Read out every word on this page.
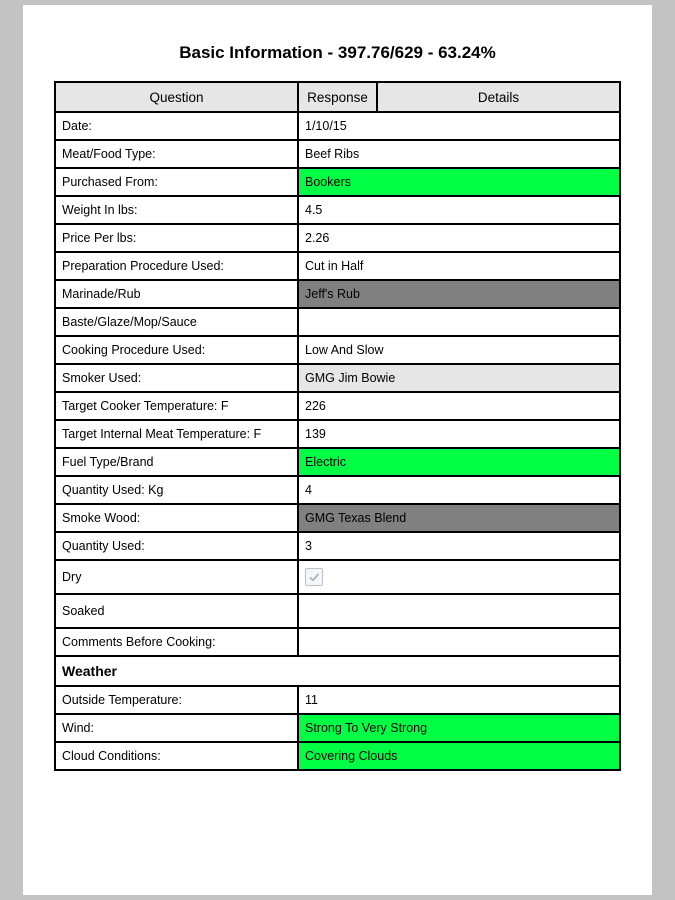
Basic Information - 397.76/629 - 63.24%
Question	Response	Details
Date:	1/10/15
Meat/Food Type:	Beef Ribs
Purchased From:	Bookers
Weight In lbs:	4.5
Price Per lbs:	2.26
Preparation Procedure Used:	Cut in Half
Marinade/Rub	Jeff's Rub
Baste/Glaze/Mop/Sauce
Cooking Procedure Used:	Low And Slow
Smoker Used:	GMG Jim Bowie
Target Cooker Temperature: F	226
Target Internal Meat Temperature: F	139
Fuel Type/Brand	Electric
Quantity Used: Kg	4
Smoke Wood:	GMG Texas Blend
Quantity Used:	3
Dry
Soaked
Comments Before Cooking:
Weather
Outside Temperature:	11
Wind:	Strong To Very Strong
Cloud Conditions:	Covering Clouds
